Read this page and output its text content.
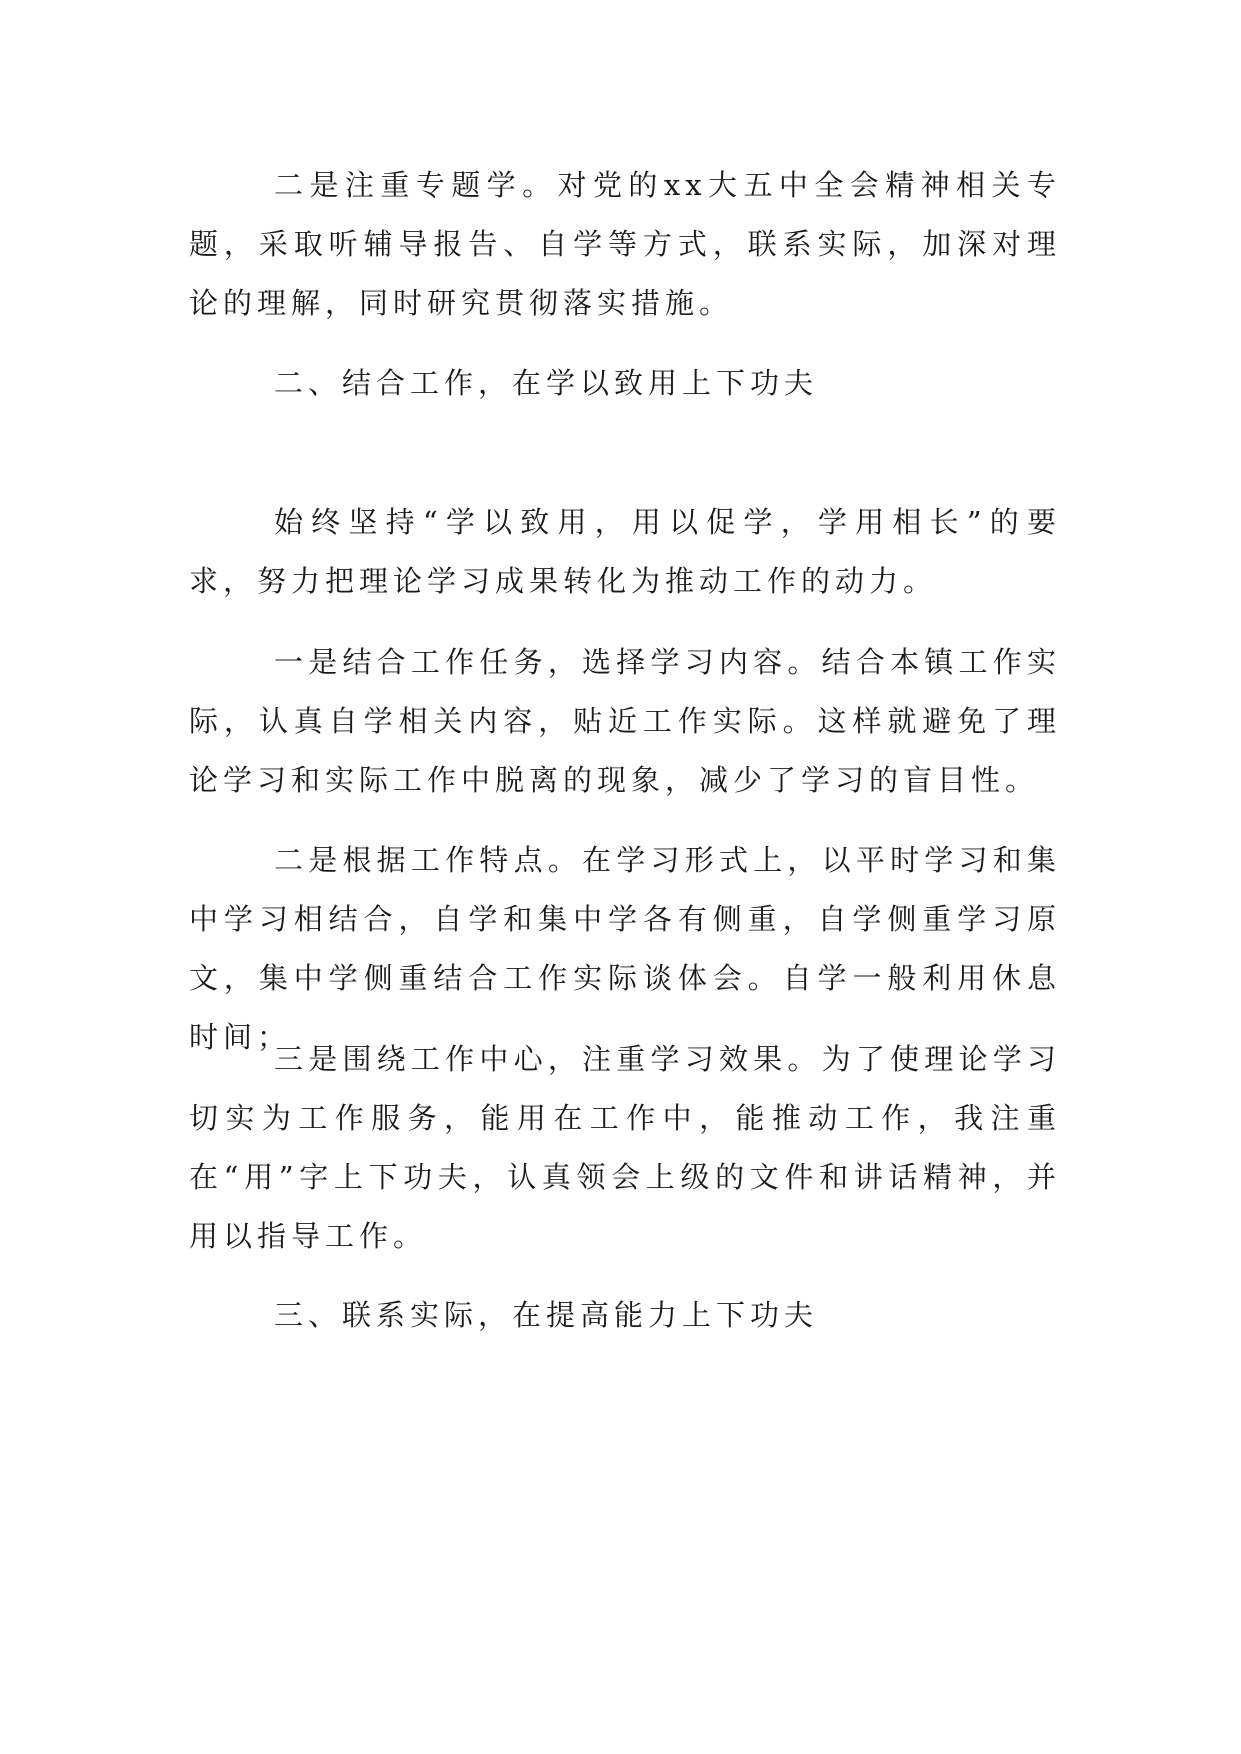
二是注重专题学。对党的xx大五中全会精神相关专题，采取听辅导报告、自学等方式，联系实际，加深对理论的理解，同时研究贯彻落实措施。

二、结合工作，在学以致用上下功夫

始终坚持“学以致用，用以促学，学用相长”的要求，努力把理论学习成果转化为推动工作的动力。

一是结合工作任务，选择学习内容。结合本镇工作实际，认真自学相关内容，贴近工作实际。这样就避免了理论学习和实际工作中脱离的现象，减少了学习的盲目性。

二是根据工作特点。在学习形式上，以平时学习和集中学习相结合，自学和集中学各有侧重，自学侧重学习原文，集中学侧重结合工作实际谈体会。自学一般利用休息时间；

三是围绕工作中心，注重学习效果。为了使理论学习切实为工作服务，能用在工作中，能推动工作，我注重在“用”字上下功夫，认真领会上级的文件和讲话精神，并用以指导工作。

三、联系实际，在提高能力上下功夫
